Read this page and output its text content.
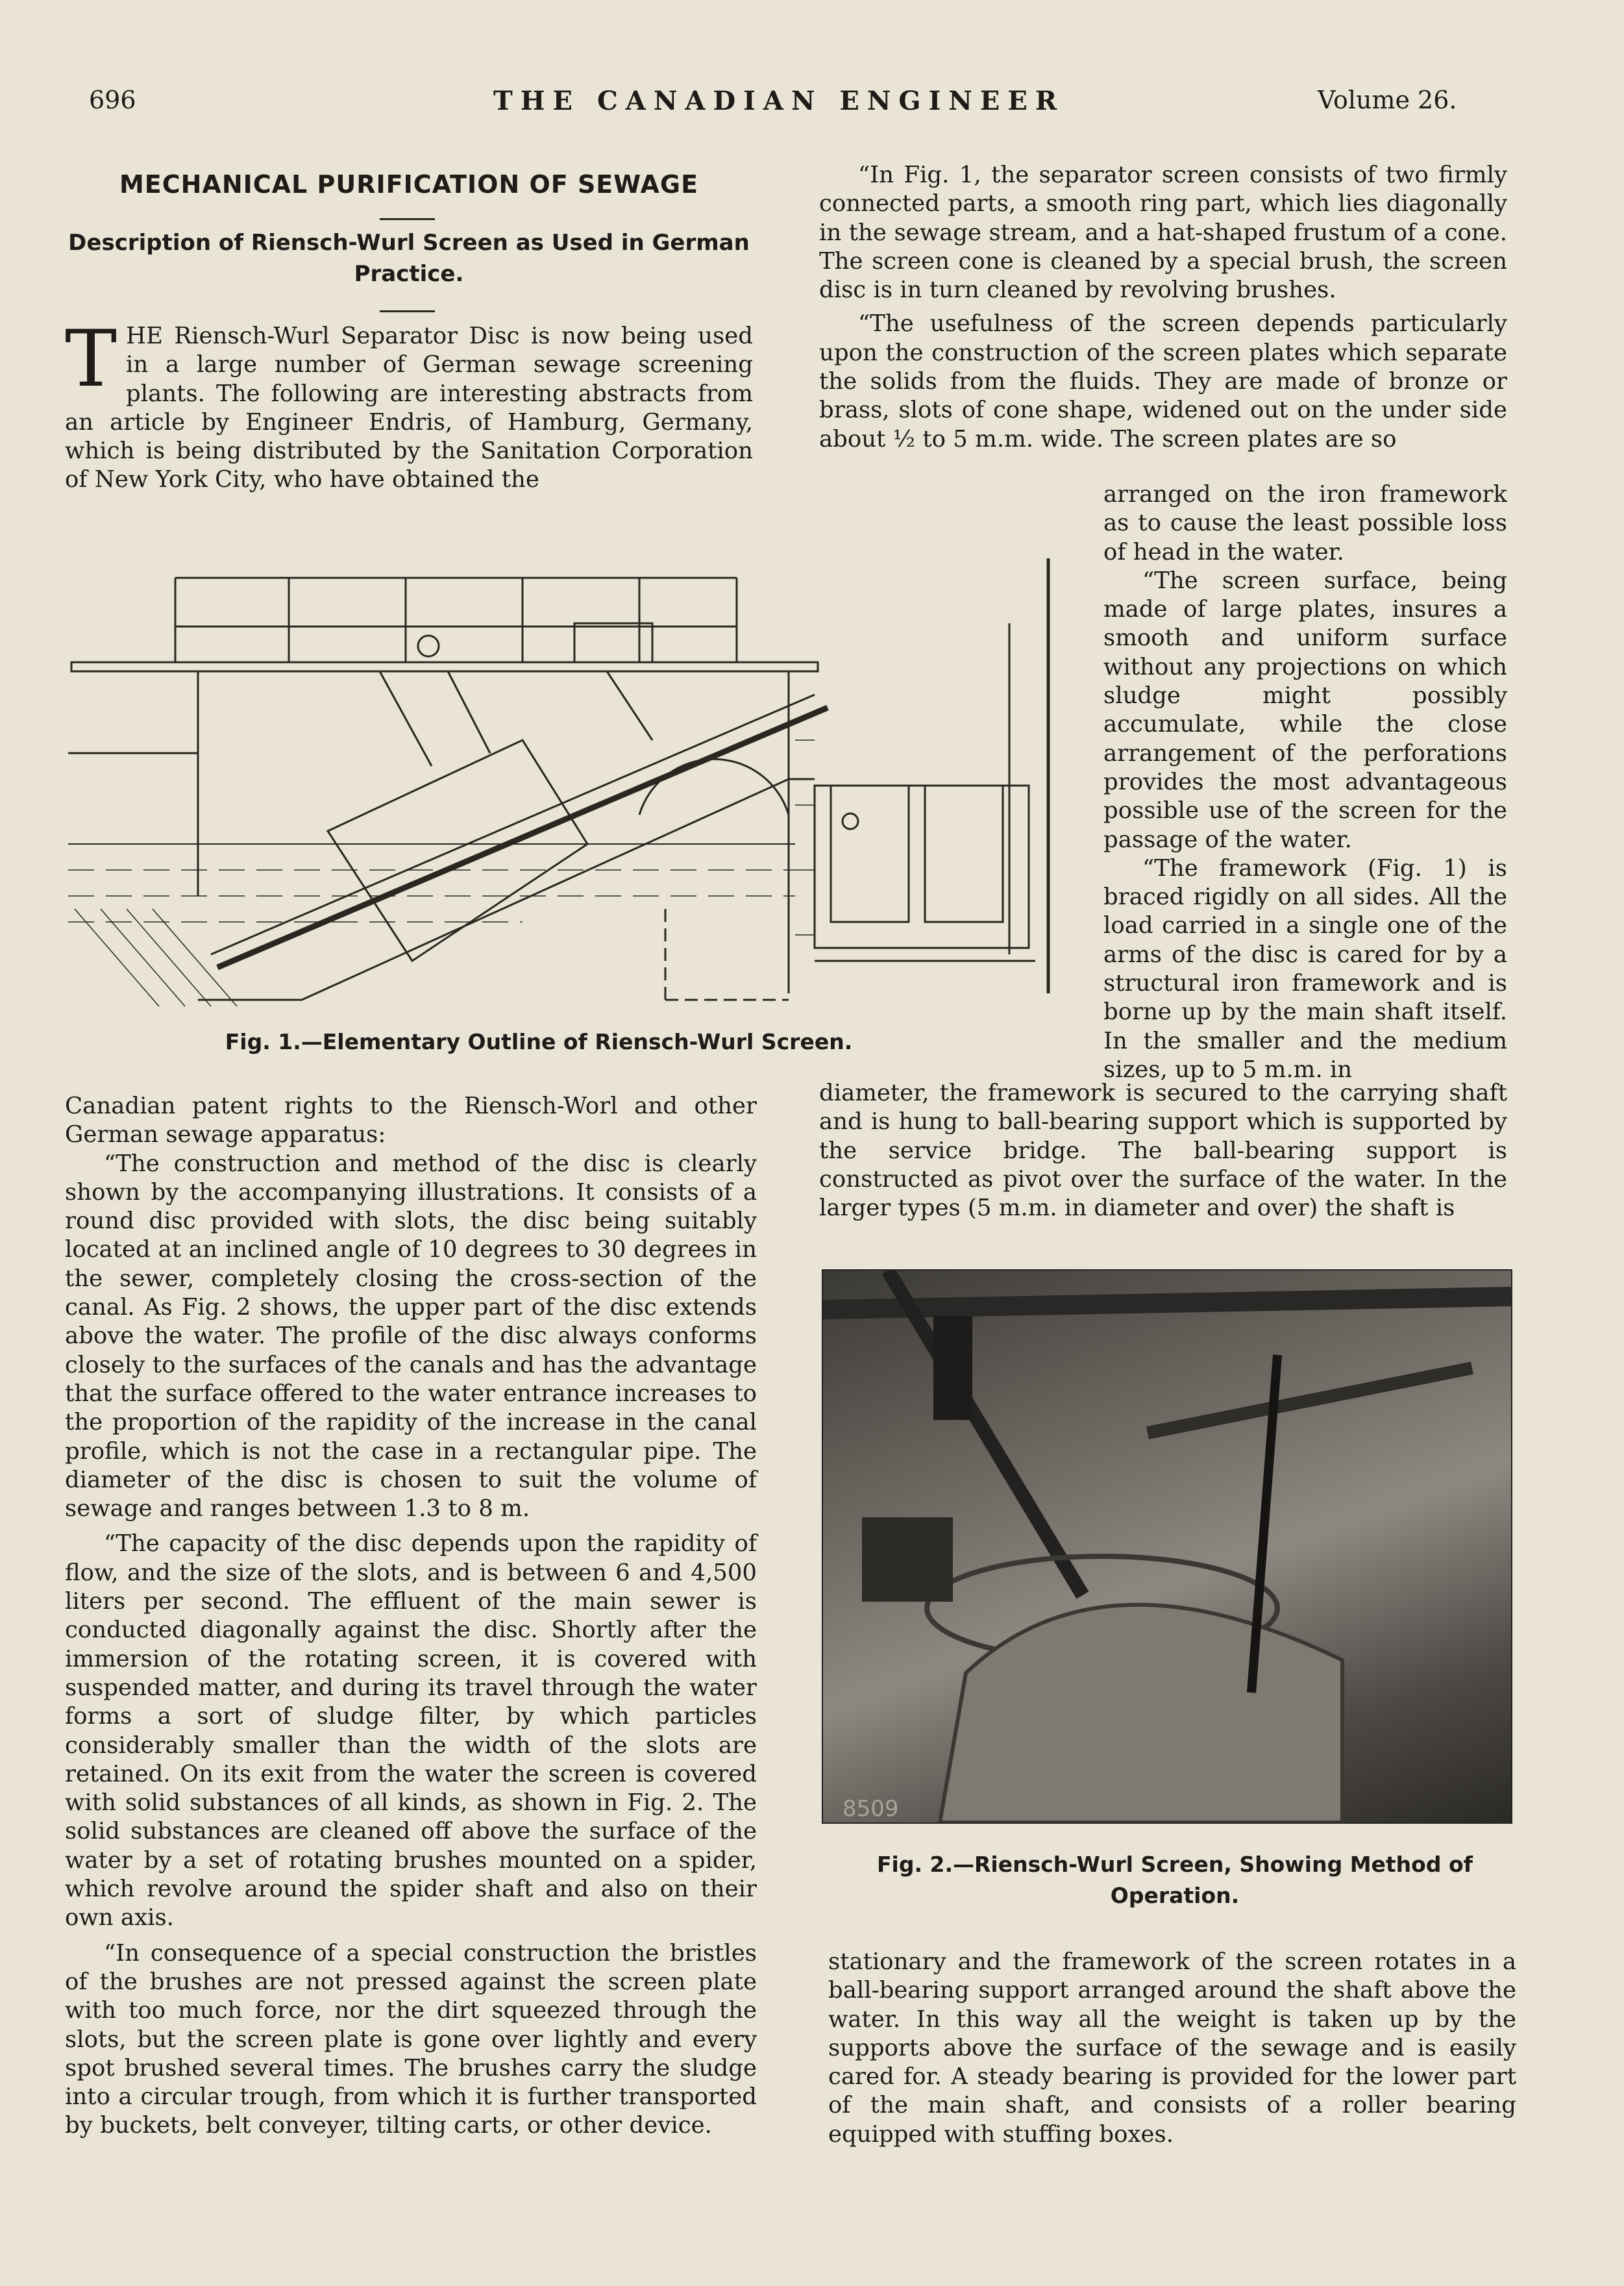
696	THE CANADIAN ENGINEER	Volume 26.
MECHANICAL PURIFICATION OF SEWAGE
Description of Riensch-Wurl Screen as Used in German Practice.

THE Riensch-Wurl Separator Disc is now being used in a large number of German sewage screening plants. The following are interesting abstracts from an article by Engineer Endris, of Hamburg, Germany, which is being distributed by the Sanitation Corporation of New York City, who have obtained the

Fig. 1.—Elementary Outline of Riensch-Wurl Screen.

Canadian patent rights to the Riensch-Worl and other German sewage apparatus:

“The construction and method of the disc is clearly shown by the accompanying illustrations. It consists of a round disc provided with slots, the disc being suitably located at an inclined angle of 10 degrees to 30 degrees in the sewer, completely closing the cross-section of the canal. As Fig. 2 shows, the upper part of the disc extends above the water. The profile of the disc always conforms closely to the surfaces of the canals and has the advantage that the surface offered to the water entrance increases to the proportion of the rapidity of the increase in the canal profile, which is not the case in a rectangular pipe. The diameter of the disc is chosen to suit the volume of sewage and ranges between 1.3 to 8 m.

“The capacity of the disc depends upon the rapidity of flow, and the size of the slots, and is between 6 and 4,500 liters per second. The effluent of the main sewer is conducted diagonally against the disc. Shortly after the immersion of the rotating screen, it is covered with suspended matter, and during its travel through the water forms a sort of sludge filter, by which particles considerably smaller than the width of the slots are retained. On its exit from the water the screen is covered with solid substances of all kinds, as shown in Fig. 2. The solid substances are cleaned off above the surface of the water by a set of rotating brushes mounted on a spider, which revolve around the spider shaft and also on their own axis.

“In consequence of a special construction the bristles of the brushes are not pressed against the screen plate with too much force, nor the dirt squeezed through the slots, but the screen plate is gone over lightly and every spot brushed several times. The brushes carry the sludge into a circular trough, from which it is further transported by buckets, belt conveyer, tilting carts, or other device.

“In Fig. 1, the separator screen consists of two firmly connected parts, a smooth ring part, which lies diagonally in the sewage stream, and a hat-shaped frustum of a cone. The screen cone is cleaned by a special brush, the screen disc is in turn cleaned by revolving brushes.

“The usefulness of the screen depends particularly upon the construction of the screen plates which separate the solids from the fluids. They are made of bronze or brass, slots of cone shape, widened out on the under side about ½ to 5 m.m. wide. The screen plates are so

arranged on the iron framework as to cause the least possible loss of head in the water.

“The screen surface, being made of large plates, insures a smooth and uniform surface without any projections on which sludge might possibly accumulate, while the close arrangement of the perforations provides the most advantageous possible use of the screen for the passage of the water.

“The framework (Fig. 1) is braced rigidly on all sides. All the load carried in a single one of the arms of the disc is cared for by a structural iron framework and is borne up by the main shaft itself. In the smaller and the medium sizes, up to 5 m.m. in

diameter, the framework is secured to the carrying shaft and is hung to ball-bearing support which is supported by the service bridge. The ball-bearing support is constructed as pivot over the surface of the water. In the larger types (5 m.m. in diameter and over) the shaft is

8509
Fig. 2.—Riensch-Wurl Screen, Showing Method of Operation.

stationary and the framework of the screen rotates in a ball-bearing support arranged around the shaft above the water. In this way all the weight is taken up by the supports above the surface of the sewage and is easily cared for. A steady bearing is provided for the lower part of the main shaft, and consists of a roller bearing equipped with stuffing boxes.
